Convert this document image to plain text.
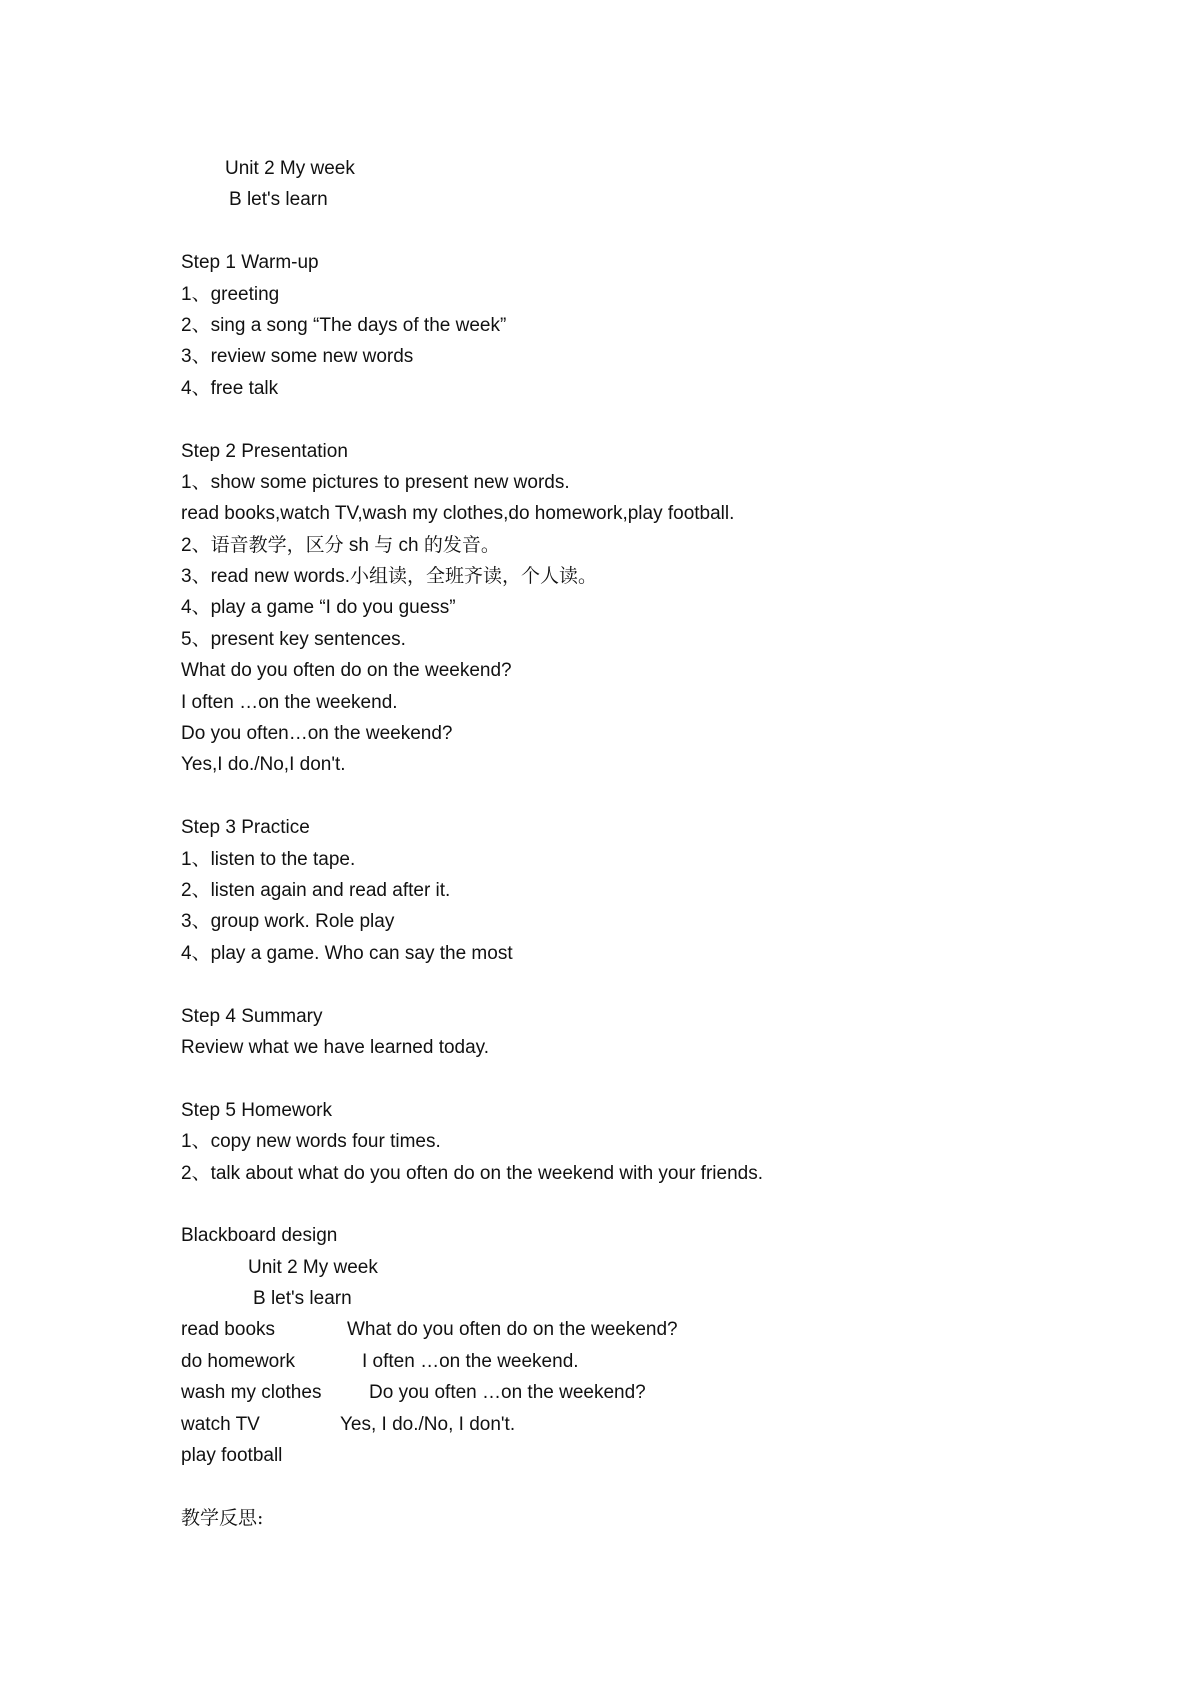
Unit 2 My week
B let's learn
Step 1 Warm-up
1、greeting
2、sing a song “The days of the week”
3、review some new words
4、free talk
Step 2 Presentation
1、show some pictures to present new words.
read books,watch TV,wash my clothes,do homework,play football.
2、语音教学，区分 sh 与 ch 的发音。
3、read new words.小组读，全班齐读，个人读。
4、play a game “I do you guess”
5、present key sentences.
What do you often do on the weekend?
I often …on the weekend.
Do you often…on the weekend?
Yes,I do./No,I don't.
Step 3 Practice
1、listen to the tape.
2、listen again and read after it.
3、group work. Role play
4、play a game. Who can say the most
Step 4 Summary
Review what we have learned today.
Step 5 Homework
1、copy new words four times.
2、talk about what do you often do on the weekend with your friends.
Blackboard design
Unit 2 My week
B let's learn
read books	What do you often do on the weekend?
do homework	I often …on the weekend.
wash my clothes	Do you often …on the weekend?
watch TV	Yes, I do./No, I don't.
play football
教学反思:
